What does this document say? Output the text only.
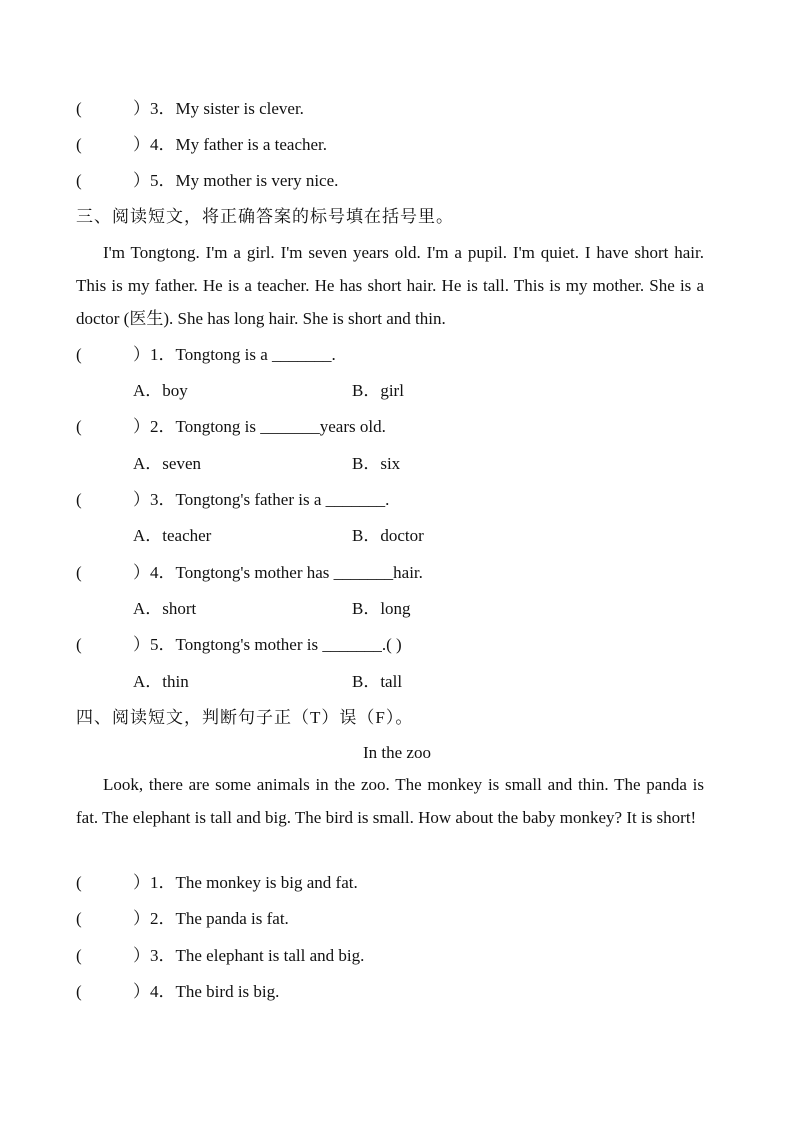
(	）3．My sister is clever.
(	）4．My father is a teacher.
(	）5．My mother is very nice.
三、阅读短文，将正确答案的标号填在括号里。
I'm Tongtong. I'm a girl. I'm seven years old. I'm a pupil. I'm quiet. I have short hair. This is my father. He is a teacher. He has short hair. He is tall. This is my mother. She is a doctor (医生). She has long hair. She is short and thin.
(	）1．Tongtong is a _______.
A．boy	B．girl
(	）2．Tongtong is _______years old.
A．seven	B．six
(	）3．Tongtong's father is a _______.
A．teacher	B．doctor
(	）4．Tongtong's mother has _______hair.
A．short	B．long
(	）5．Tongtong's mother is _______.( )
A．thin	B．tall
四、阅读短文，判断句子正（T）误（F）。
In the zoo
Look, there are some animals in the zoo. The monkey is small and thin. The panda is fat. The elephant is tall and big. The bird is small. How about the baby monkey? It is short!
(	）1．The monkey is big and fat.
(	）2．The panda is fat.
(	）3．The elephant is tall and big.
(	）4．The bird is big.
